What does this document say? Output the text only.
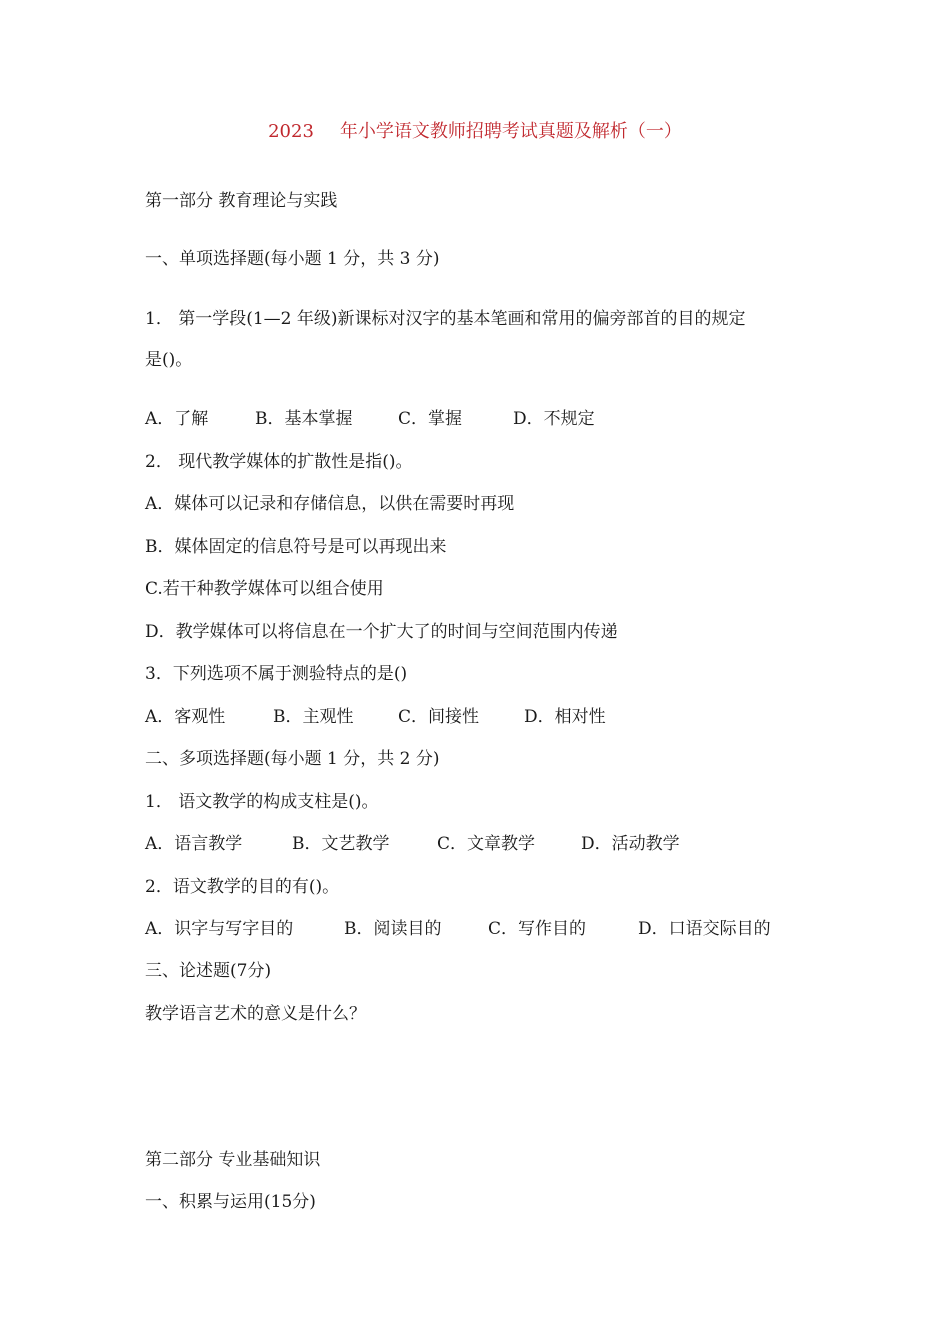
2023 年小学语文教师招聘考试真题及解析（一）
第一部分 教育理论与实践
一、单项选择题(每小题 1 分，共 3 分)
1． 第一学段(1—2 年级)新课标对汉字的基本笔画和常用的偏旁部首的目的规定
是()。
A．了解	B．基本掌握	C．掌握	D．不规定
2． 现代教学媒体的扩散性是指()。
A．媒体可以记录和存储信息，以供在需要时再现
B．媒体固定的信息符号是可以再现出来
C.若干种教学媒体可以组合使用
D．教学媒体可以将信息在一个扩大了的时间与空间范围内传递
3．下列选项不属于测验特点的是()
A．客观性	B．主观性	C．间接性	D．相对性
二、多项选择题(每小题 1 分，共 2 分)
1． 语文教学的构成支柱是()。
A．语言教学	B．文艺教学	C．文章教学	D．活动教学
2．语文教学的目的有()。
A．识字与写字目的	B．阅读目的	C．写作目的	D．口语交际目的
三、论述题(7分)
教学语言艺术的意义是什么？
第二部分 专业基础知识
一、积累与运用(15分)
